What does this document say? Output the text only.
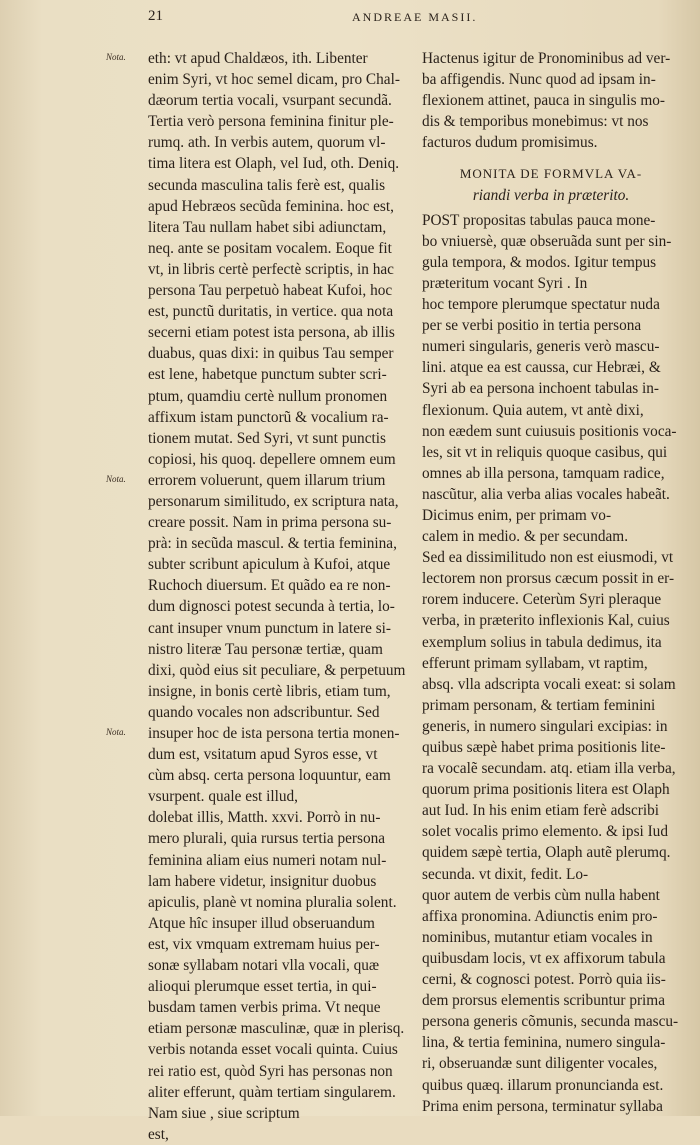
21	ANDREAE MASII.
Nota.
Nota.
Nota.
eth: vt apud Chaldæos, ith. Libenter
enim Syri, vt hoc semel dicam, pro Chal-
dæorum tertia vocali, vsurpant secundã.
Tertia verò persona feminina finitur ple-
rumq. ath. In verbis autem, quorum vl-
tima litera est Olaph, vel Iud, oth. Deniq.
secunda masculina talis ferè est, qualis
apud Hebræos secũda feminina. hoc est,
litera Tau nullam habet sibi adiunctam,
neq. ante se positam vocalem. Eoque fit
vt, in libris certè perfectè scriptis, in hac
persona Tau perpetuò habeat Kufoi, hoc
est, punctũ duritatis, in vertice. qua nota
secerni etiam potest ista persona, ab illis
duabus, quas dixi: in quibus Tau semper
est lene, habetque punctum subter scri-
ptum, quamdiu certè nullum pronomen
affixum istam punctorũ & vocalium ra-
tionem mutat. Sed Syri, vt sunt punctis
copiosi, his quoq. depellere omnem eum
errorem voluerunt, quem illarum trium
personarum similitudo, ex scriptura nata,
creare possit. Nam in prima persona su-
prà: in secũda mascul. & tertia feminina,
subter scribunt apiculum à Kufoi, atque
Ruchoch diuersum. Et quãdo ea re non-
dum dignosci potest secunda à tertia, lo-
cant insuper vnum punctum in latere si-
nistro literæ Tau personæ tertiæ, quam
dixi, quòd eius sit peculiare, & perpetuum
insigne, in bonis certè libris, etiam tum,
quando vocales non adscribuntur. Sed
insuper hoc de ista persona tertia monen-
dum est, vsitatum apud Syros esse, vt
cùm absq. certa persona loquuntur, eam
vsurpent. quale est illud,
dolebat illis, Matth. xxvi. Porrò in nu-
mero plurali, quia rursus tertia persona
feminina aliam eius numeri notam nul-
lam habere videtur, insignitur duobus
apiculis, planè vt nomina pluralia solent.
Atque hîc insuper illud obseruandum
est, vix vmquam extremam huius per-
sonæ syllabam notari vlla vocali, quæ
alioqui plerumque esset tertia, in qui-
busdam tamen verbis prima. Vt neque
etiam personæ masculinæ, quæ in plerisq.
verbis notanda esset vocali quinta. Cuius
rei ratio est, quòd Syri has personas non
aliter efferunt, quàm tertiam singularem.
Nam siue , siue scriptum
est,
Hactenus igitur de Pronominibus ad ver-
ba affigendis. Nunc quod ad ipsam in-
flexionem attinet, pauca in singulis mo-
dis & temporibus monebimus: vt nos
facturos dudum promisimus.
MONITA DE FORMVLA VA-
riandi verba in præterito.
POST propositas tabulas pauca mone-
bo vniuersè, quæ obseruãda sunt per sin-
gula tempora, & modos. Igitur tempus
præteritum vocant Syri . In
hoc tempore plerumque spectatur nuda
per se verbi positio in tertia persona
numeri singularis, generis verò mascu-
lini. atque ea est caussa, cur Hebræi, &
Syri ab ea persona inchoent tabulas in-
flexionum. Quia autem, vt antè dixi,
non eædem sunt cuiusuis positionis voca-
les, sit vt in reliquis quoque casibus, qui
omnes ab illa persona, tamquam radice,
nascũtur, alia verba alias vocales habeãt.
Dicimus enim, per primam vo-
calem in medio. & per secundam.
Sed ea dissimilitudo non est eiusmodi, vt
lectorem non prorsus cæcum possit in er-
rorem inducere. Ceterùm Syri pleraque
verba, in præterito inflexionis Kal, cuius
exemplum solius in tabula dedimus, ita
efferunt primam syllabam, vt raptim,
absq. vlla adscripta vocali exeat: si solam
primam personam, & tertiam feminini
generis, in numero singulari excipias: in
quibus sæpè habet prima positionis lite-
ra vocalẽ secundam. atq. etiam illa verba,
quorum prima positionis litera est Olaph
aut Iud. In his enim etiam ferè adscribi
solet vocalis primo elemento. & ipsi Iud
quidem sæpè tertia, Olaph autẽ plerumq.
secunda. vt dixit, fedit. Lo-
quor autem de verbis cùm nulla habent
affixa pronomina. Adiunctis enim pro-
nominibus, mutantur etiam vocales in
quibusdam locis, vt ex affixorum tabula
cerni, & cognosci potest. Porrò quia iis-
dem prorsus elementis scribuntur prima
persona generis cõmunis, secunda mascu-
lina, & tertia feminina, numero singula-
ri, obseruandæ sunt diligenter vocales,
quibus quæq. illarum pronuncianda est.
Prima enim persona, terminatur syllaba
